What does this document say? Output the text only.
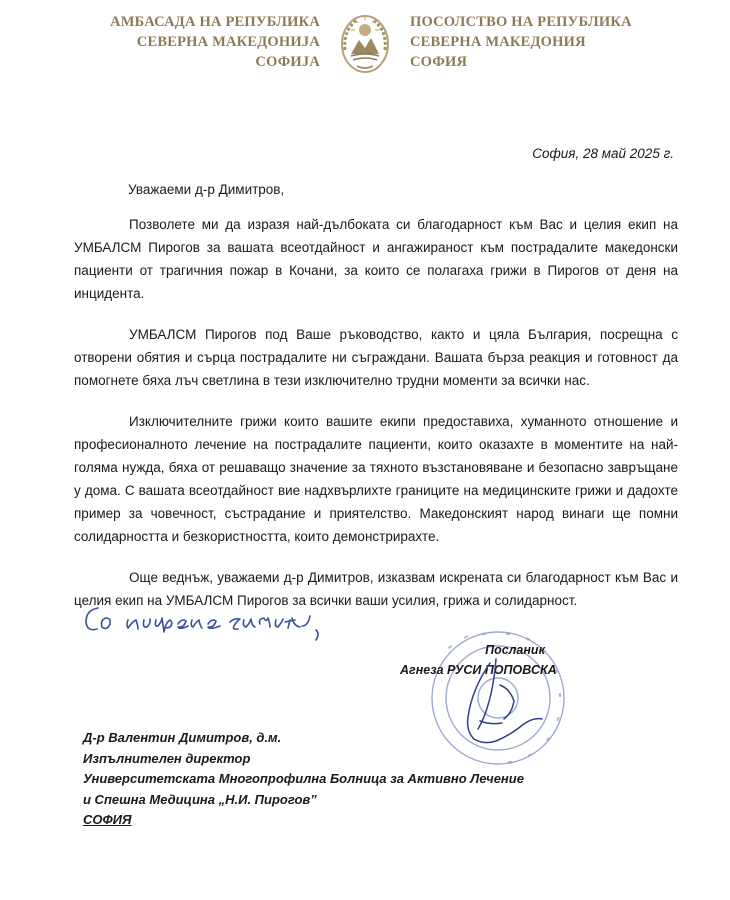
АМБАСАДА НА РЕПУБЛИКА
СЕВЕРНА МАКЕДОНИЈА
СОФИЈА
ПОСОЛСТВО НА РЕПУБЛИКА
СЕВЕРНА МАКЕДОНИЯ
СОФИЯ
София, 28 май 2025 г.
Уважаеми д-р Димитров,

Позволете ми да изразя най-дълбоката си благодарност към Вас и целия екип на УМБАЛСМ Пирогов за вашата всеотдайност и ангажираност към пострадалите македонски пациенти от трагичния пожар в Кочани, за които се полагаха грижи в Пирогов от деня на инцидента.

УМБАЛСМ Пирогов под Ваше ръководство, както и цяла България, посрещна с отворени обятия и сърца пострадалите ни съграждани. Вашата бърза реакция и готовност да помогнете бяха лъч светлина в тези изключително трудни моменти за всички нас.

Изключителните грижи които вашите екипи предоставиха, хуманното отношение и професионалното лечение на пострадалите пациенти, които оказахте в моментите на най-голяма нужда, бяха от решаващо значение за тяхното възстановяване и безопасно завръщане у дома. С вашата всеотдайност вие надхвърлихте границите на медицинските грижи и дадохте пример за човечност, състрадание и приятелство. Македонският народ винаги ще помни солидарността и безкористността, които демонстрирахте.

Още веднъж, уважаеми д-р Димитров, изказвам искрената си благодарност към Вас и целия екип на УМБАЛСМ Пирогов за всички ваши усилия, грижа и солидарност.

Посланик
Агнеза РУСИ ПОПОВСКА
Д-р Валентин Димитров, д.м.
Изпълнителен директор
Университетската Многопрофилна Болница за Активно Лечение
и Спешна Медицина „Н.И. Пирогов”
СОФИЯ
